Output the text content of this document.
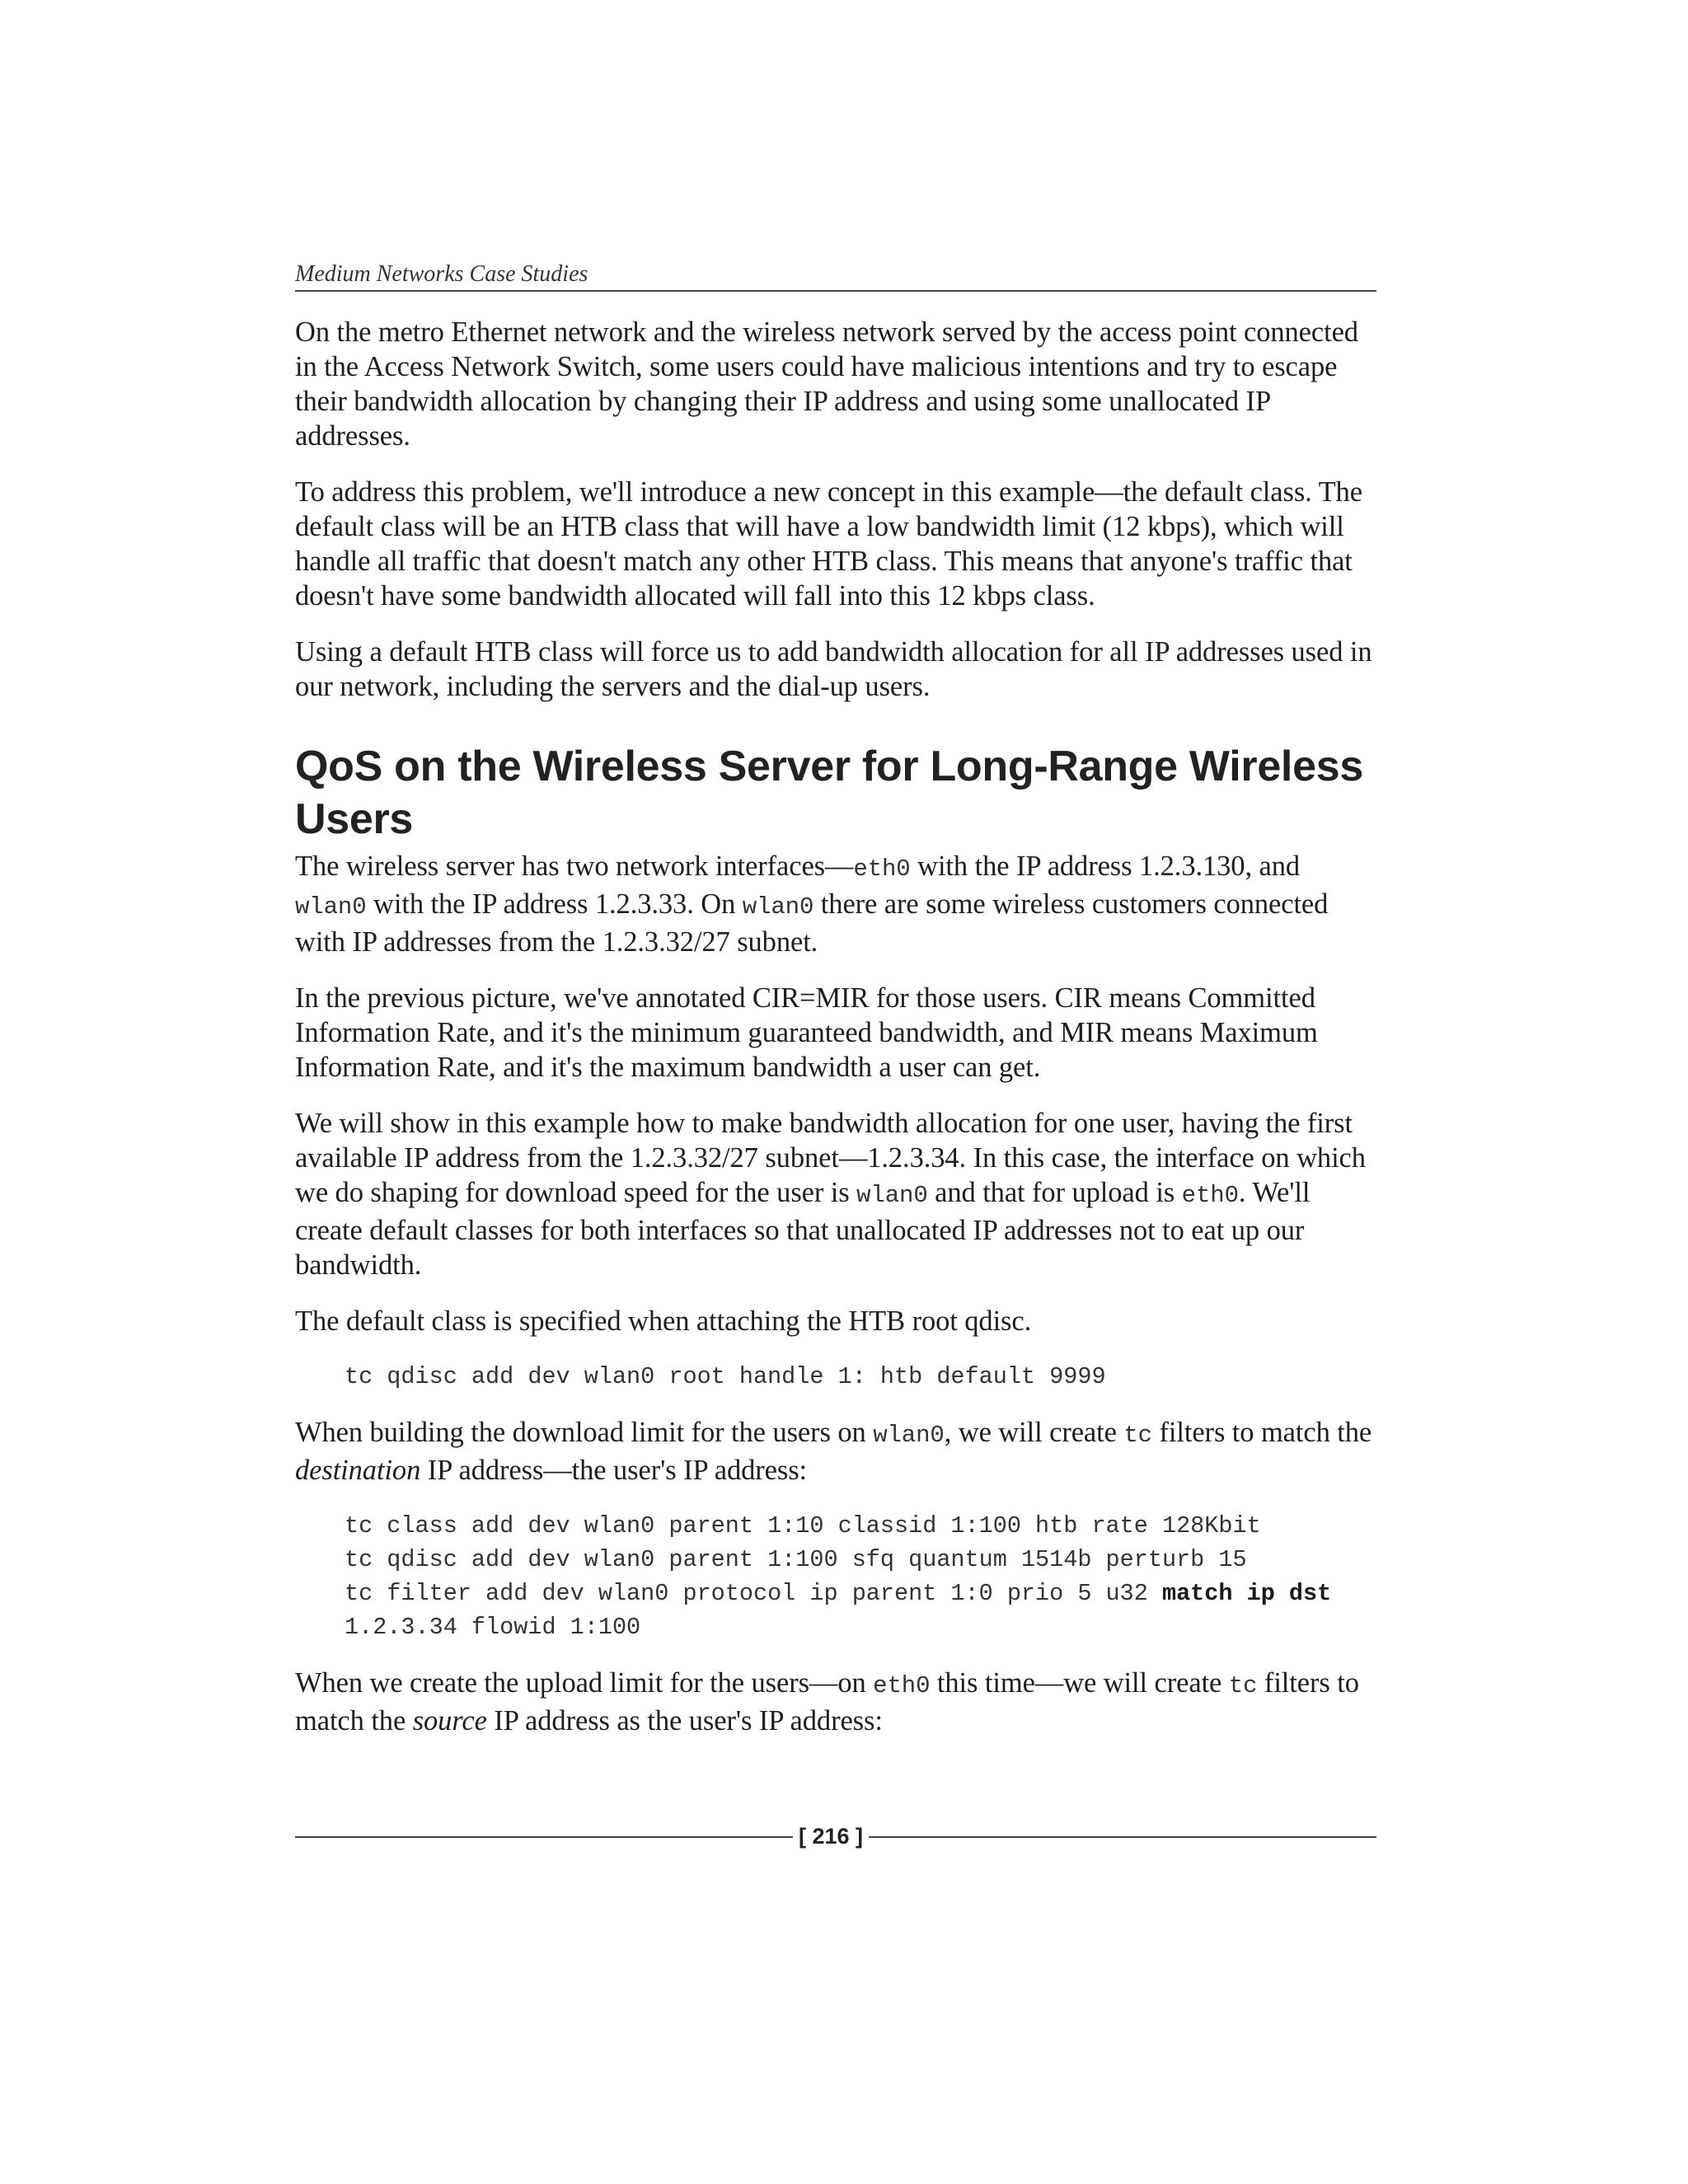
Medium Networks Case Studies

On the metro Ethernet network and the wireless network served by the access point connected in the Access Network Switch, some users could have malicious intentions and try to escape their bandwidth allocation by changing their IP address and using some unallocated IP addresses.

To address this problem, we'll introduce a new concept in this example—the default class. The default class will be an HTB class that will have a low bandwidth limit (12 kbps), which will handle all traffic that doesn't match any other HTB class. This means that anyone's traffic that doesn't have some bandwidth allocated will fall into this 12 kbps class.

Using a default HTB class will force us to add bandwidth allocation for all IP addresses used in our network, including the servers and the dial-up users.

QoS on the Wireless Server for Long-Range Wireless Users

The wireless server has two network interfaces—eth0 with the IP address 1.2.3.130, and wlan0 with the IP address 1.2.3.33. On wlan0 there are some wireless customers connected with IP addresses from the 1.2.3.32/27 subnet.

In the previous picture, we've annotated CIR=MIR for those users. CIR means Committed Information Rate, and it's the minimum guaranteed bandwidth, and MIR means Maximum Information Rate, and it's the maximum bandwidth a user can get.

We will show in this example how to make bandwidth allocation for one user, having the first available IP address from the 1.2.3.32/27 subnet—1.2.3.34. In this case, the interface on which we do shaping for download speed for the user is wlan0 and that for upload is eth0. We'll create default classes for both interfaces so that unallocated IP addresses not to eat up our bandwidth.

The default class is specified when attaching the HTB root qdisc.

tc qdisc add dev wlan0 root handle 1: htb default 9999

When building the download limit for the users on wlan0, we will create tc filters to match the destination IP address—the user's IP address:

tc class add dev wlan0 parent 1:10 classid 1:100 htb rate 128Kbit
tc qdisc add dev wlan0 parent 1:100 sfq quantum 1514b perturb 15
tc filter add dev wlan0 protocol ip parent 1:0 prio 5 u32 match ip dst
1.2.3.34 flowid 1:100

When we create the upload limit for the users—on eth0 this time—we will create tc filters to match the source IP address as the user's IP address:

[ 216 ]
